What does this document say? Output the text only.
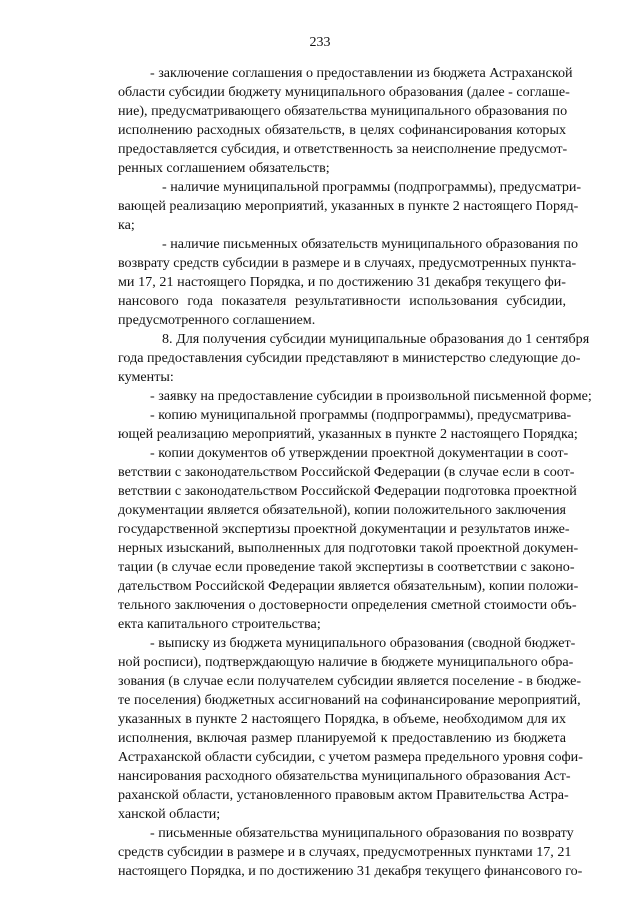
233
- заключение соглашения о предоставлении из бюджета Астраханской
области субсидии бюджету муниципального образования (далее - соглаше-
ние), предусматривающего обязательства муниципального образования по
исполнению расходных обязательств, в целях софинансирования которых
предоставляется субсидия, и ответственность за неисполнение предусмот-
ренных соглашением обязательств;
- наличие муниципальной программы (подпрограммы), предусматри-
вающей реализацию мероприятий, указанных в пункте 2 настоящего Поряд-
ка;
- наличие письменных обязательств муниципального образования по
возврату средств субсидии в размере и в случаях, предусмотренных пункта-
ми 17, 21 настоящего Порядка, и по достижению 31 декабря текущего фи-
нансового года показателя результативности использования субсидии,
предусмотренного соглашением.
8. Для получения субсидии муниципальные образования до 1 сентября
года предоставления субсидии представляют в министерство следующие до-
кументы:
- заявку на предоставление субсидии в произвольной письменной форме;
- копию муниципальной программы (подпрограммы), предусматрива-
ющей реализацию мероприятий, указанных в пункте 2 настоящего Порядка;
- копии документов об утверждении проектной документации в соот-
ветствии с законодательством Российской Федерации (в случае если в соот-
ветствии с законодательством Российской Федерации подготовка проектной
документации является обязательной), копии положительного заключения
государственной экспертизы проектной документации и результатов инже-
нерных изысканий, выполненных для подготовки такой проектной докумен-
тации (в случае если проведение такой экспертизы в соответствии с законо-
дательством Российской Федерации является обязательным), копии положи-
тельного заключения о достоверности определения сметной стоимости объ-
екта капитального строительства;
- выписку из бюджета муниципального образования (сводной бюджет-
ной росписи), подтверждающую наличие в бюджете муниципального обра-
зования (в случае если получателем субсидии является поселение - в бюдже-
те поселения) бюджетных ассигнований на софинансирование мероприятий,
указанных в пункте 2 настоящего Порядка, в объеме, необходимом для их
исполнения, включая размер планируемой к предоставлению из бюджета
Астраханской области субсидии, с учетом размера предельного уровня софи-
нансирования расходного обязательства муниципального образования Аст-
раханской области, установленного правовым актом Правительства Астра-
ханской области;
- письменные обязательства муниципального образования по возврату
средств субсидии в размере и в случаях, предусмотренных пунктами 17, 21
настоящего Порядка, и по достижению 31 декабря текущего финансового го-
